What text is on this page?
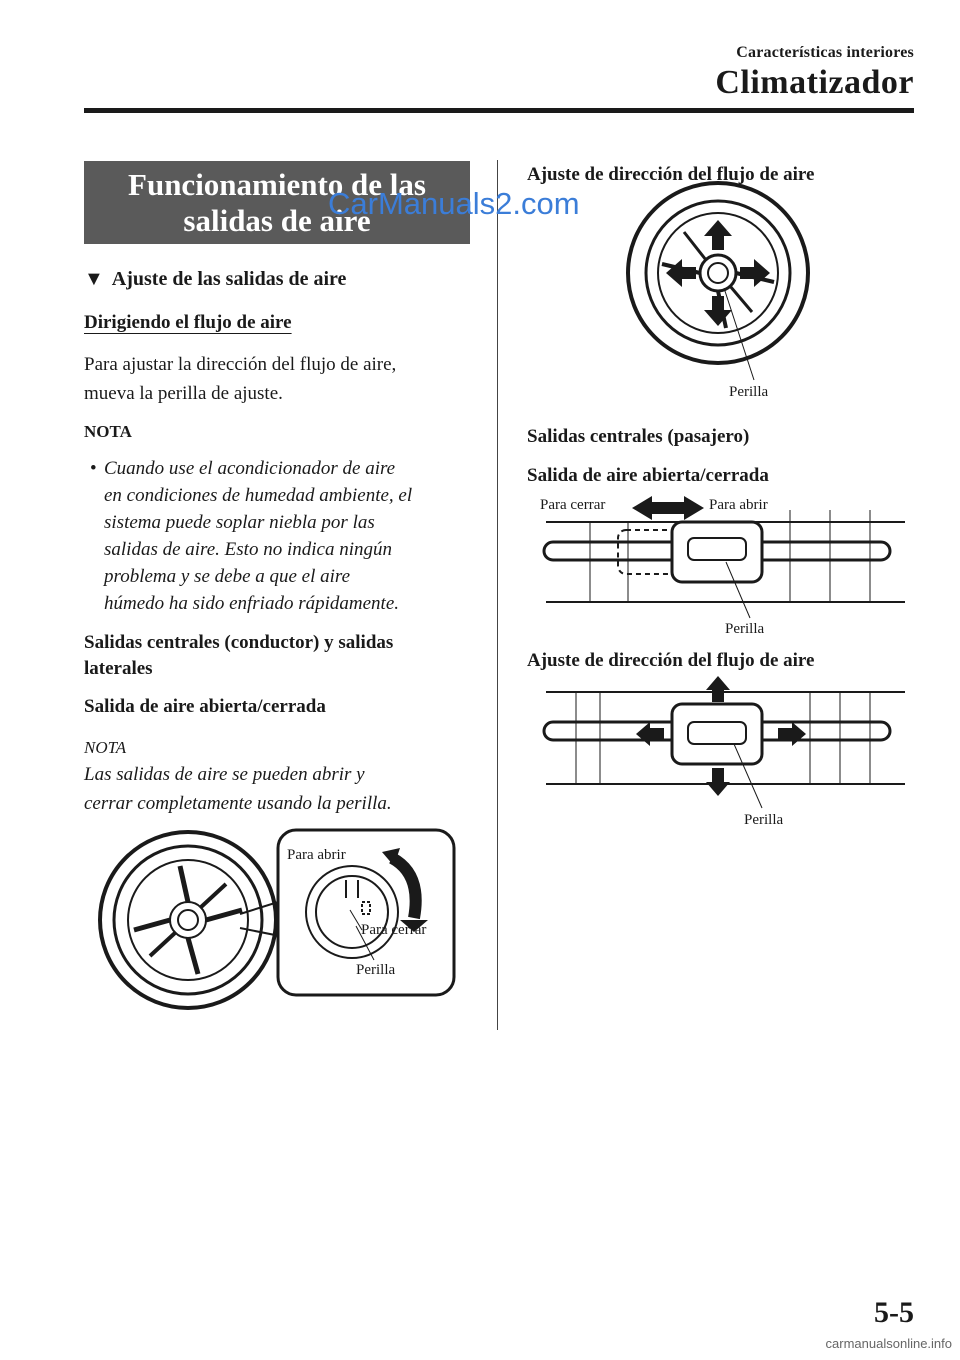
Características interiores
Climatizador
Funcionamiento de las
salidas de aire
CarManuals2.com
▼ Ajuste de las salidas de aire
Dirigiendo el flujo de aire
Para ajustar la dirección del flujo de aire,
mueva la perilla de ajuste.
NOTA
• Cuando use el acondicionador de aire
en condiciones de humedad ambiente, el
sistema puede soplar niebla por las
salidas de aire. Esto no indica ningún
problema y se debe a que el aire
húmedo ha sido enfriado rápidamente.
Salidas centrales (conductor) y salidas
laterales
Salida de aire abierta/cerrada
NOTA
Las salidas de aire se pueden abrir y
cerrar completamente usando la perilla.
Para abrir
Para cerrar
Perilla
Ajuste de dirección del flujo de aire
Perilla
Salidas centrales (pasajero)
Salida de aire abierta/cerrada
Para cerrar	Para abrir
Perilla
Ajuste de dirección del flujo de aire
Perilla
5-5
carmanualsonline.info
